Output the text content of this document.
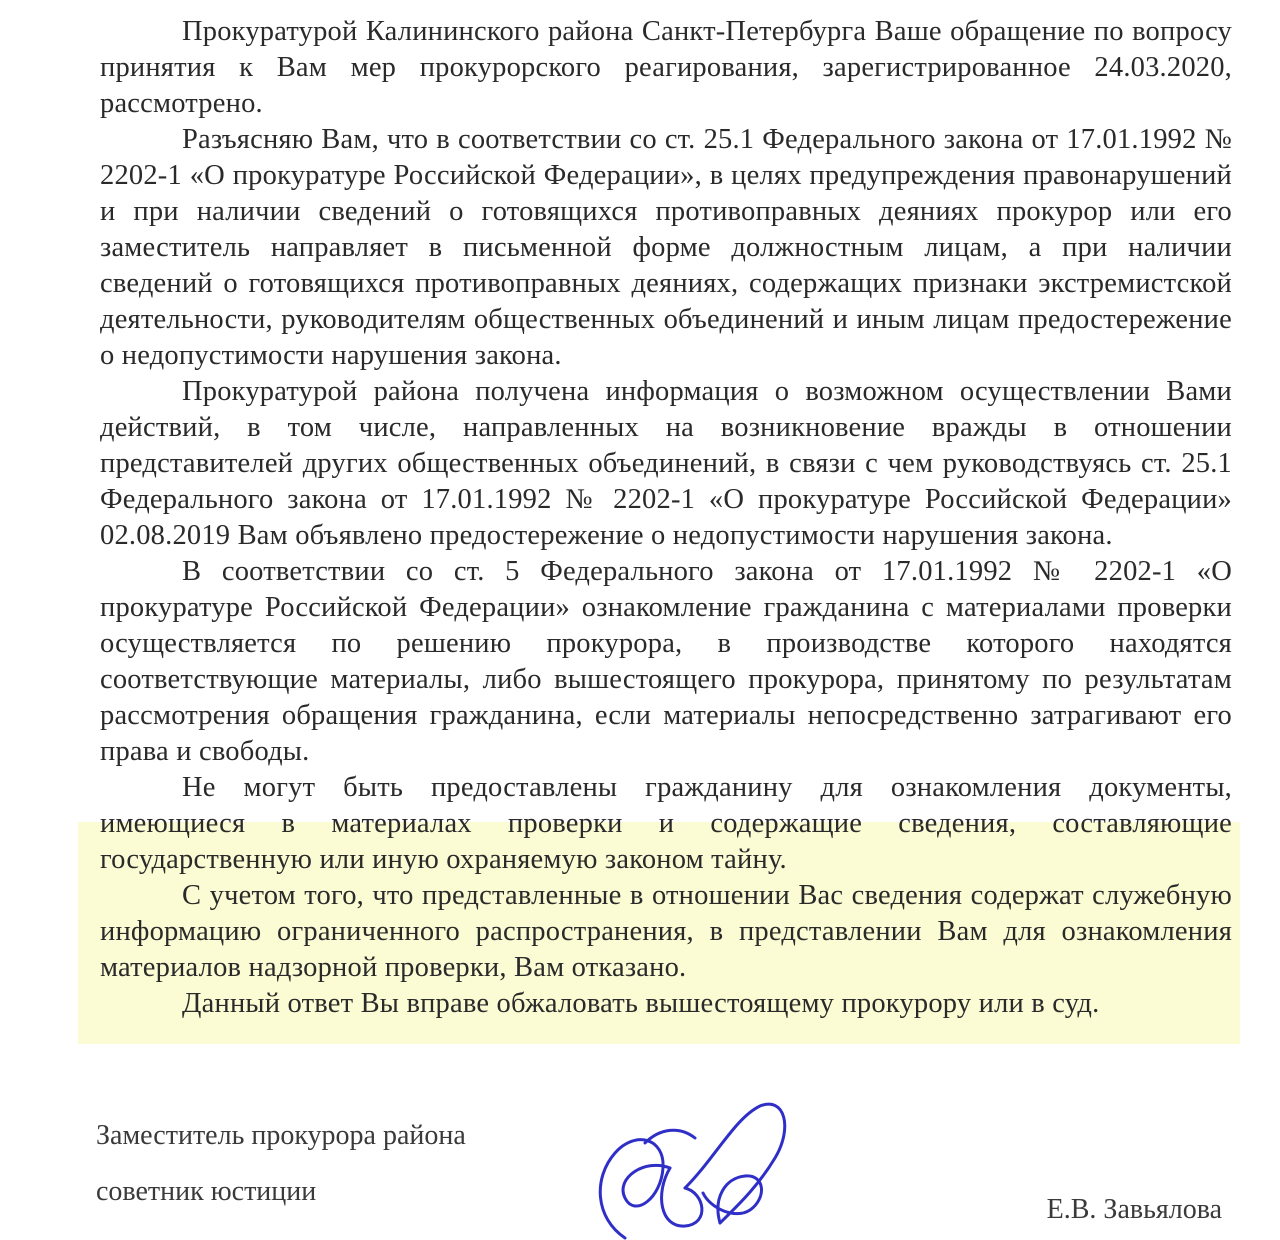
Прокуратурой Калининского района Санкт-Петербурга Ваше обращение по вопросу принятия к Вам мер прокурорского реагирования, зарегистрированное 24.03.2020, рассмотрено.

Разъясняю Вам, что в соответствии со ст. 25.1 Федерального закона от 17.01.1992 № 2202-1 «О прокуратуре Российской Федерации», в целях предупреждения правонарушений и при наличии сведений о готовящихся противоправных деяниях прокурор или его заместитель направляет в письменной форме должностным лицам, а при наличии сведений о готовящихся противоправных деяниях, содержащих признаки экстремистской деятельности, руководителям общественных объединений и иным лицам предостережение о недопустимости нарушения закона.

Прокуратурой района получена информация о возможном осуществлении Вами действий, в том числе, направленных на возникновение вражды в отношении представителей других общественных объединений, в связи с чем руководствуясь ст. 25.1 Федерального закона от 17.01.1992 № 2202-1 «О прокуратуре Российской Федерации» 02.08.2019 Вам объявлено предостережение о недопустимости нарушения закона.

В соответствии со ст. 5 Федерального закона от 17.01.1992 № 2202-1 «О прокуратуре Российской Федерации» ознакомление гражданина с материалами проверки осуществляется по решению прокурора, в производстве которого находятся соответствующие материалы, либо вышестоящего прокурора, принятому по результатам рассмотрения обращения гражданина, если материалы непосредственно затрагивают его права и свободы.

Не могут быть предоставлены гражданину для ознакомления документы, имеющиеся в материалах проверки и содержащие сведения, составляющие государственную или иную охраняемую законом тайну.

С учетом того, что представленные в отношении Вас сведения содержат служебную информацию ограниченного распространения, в представлении Вам для ознакомления материалов надзорной проверки, Вам отказано.

Данный ответ Вы вправе обжаловать вышестоящему прокурору или в суд.

Заместитель прокурора района
советник юстиции
Е.В. Завьялова
